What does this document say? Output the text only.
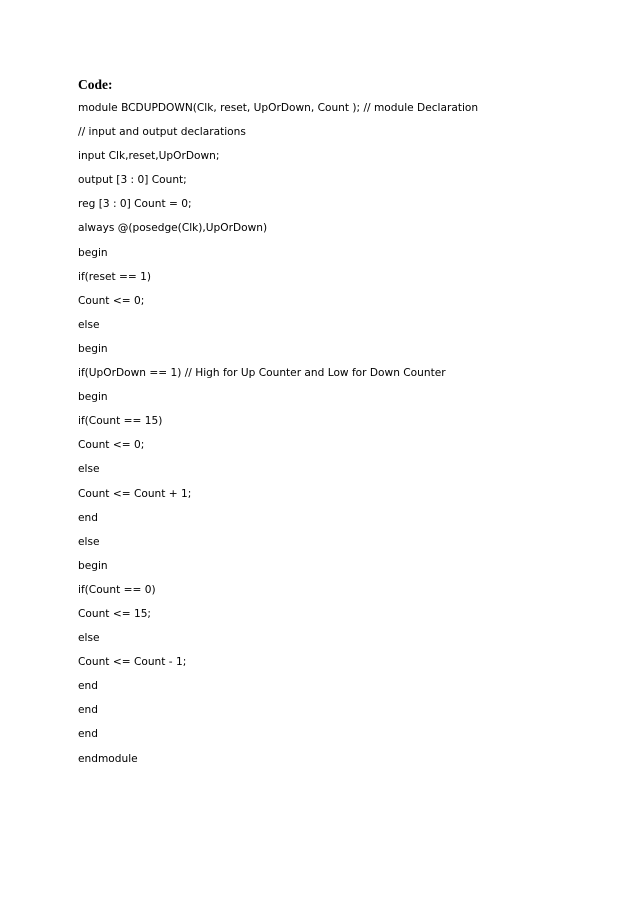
Code:
module BCDUPDOWN(Clk, reset, UpOrDown, Count ); // module Declaration
// input and output declarations
input Clk,reset,UpOrDown;
output [3 : 0] Count;
reg [3 : 0] Count = 0;
always @(posedge(Clk),UpOrDown)
begin
if(reset == 1)
Count <= 0;
else
begin
if(UpOrDown == 1) // High for Up Counter and Low for Down Counter
begin
if(Count == 15)
Count <= 0;
else
Count <= Count + 1;
end
else
begin
if(Count == 0)
Count <= 15;
else
Count <= Count - 1;
end
end
end
endmodule
